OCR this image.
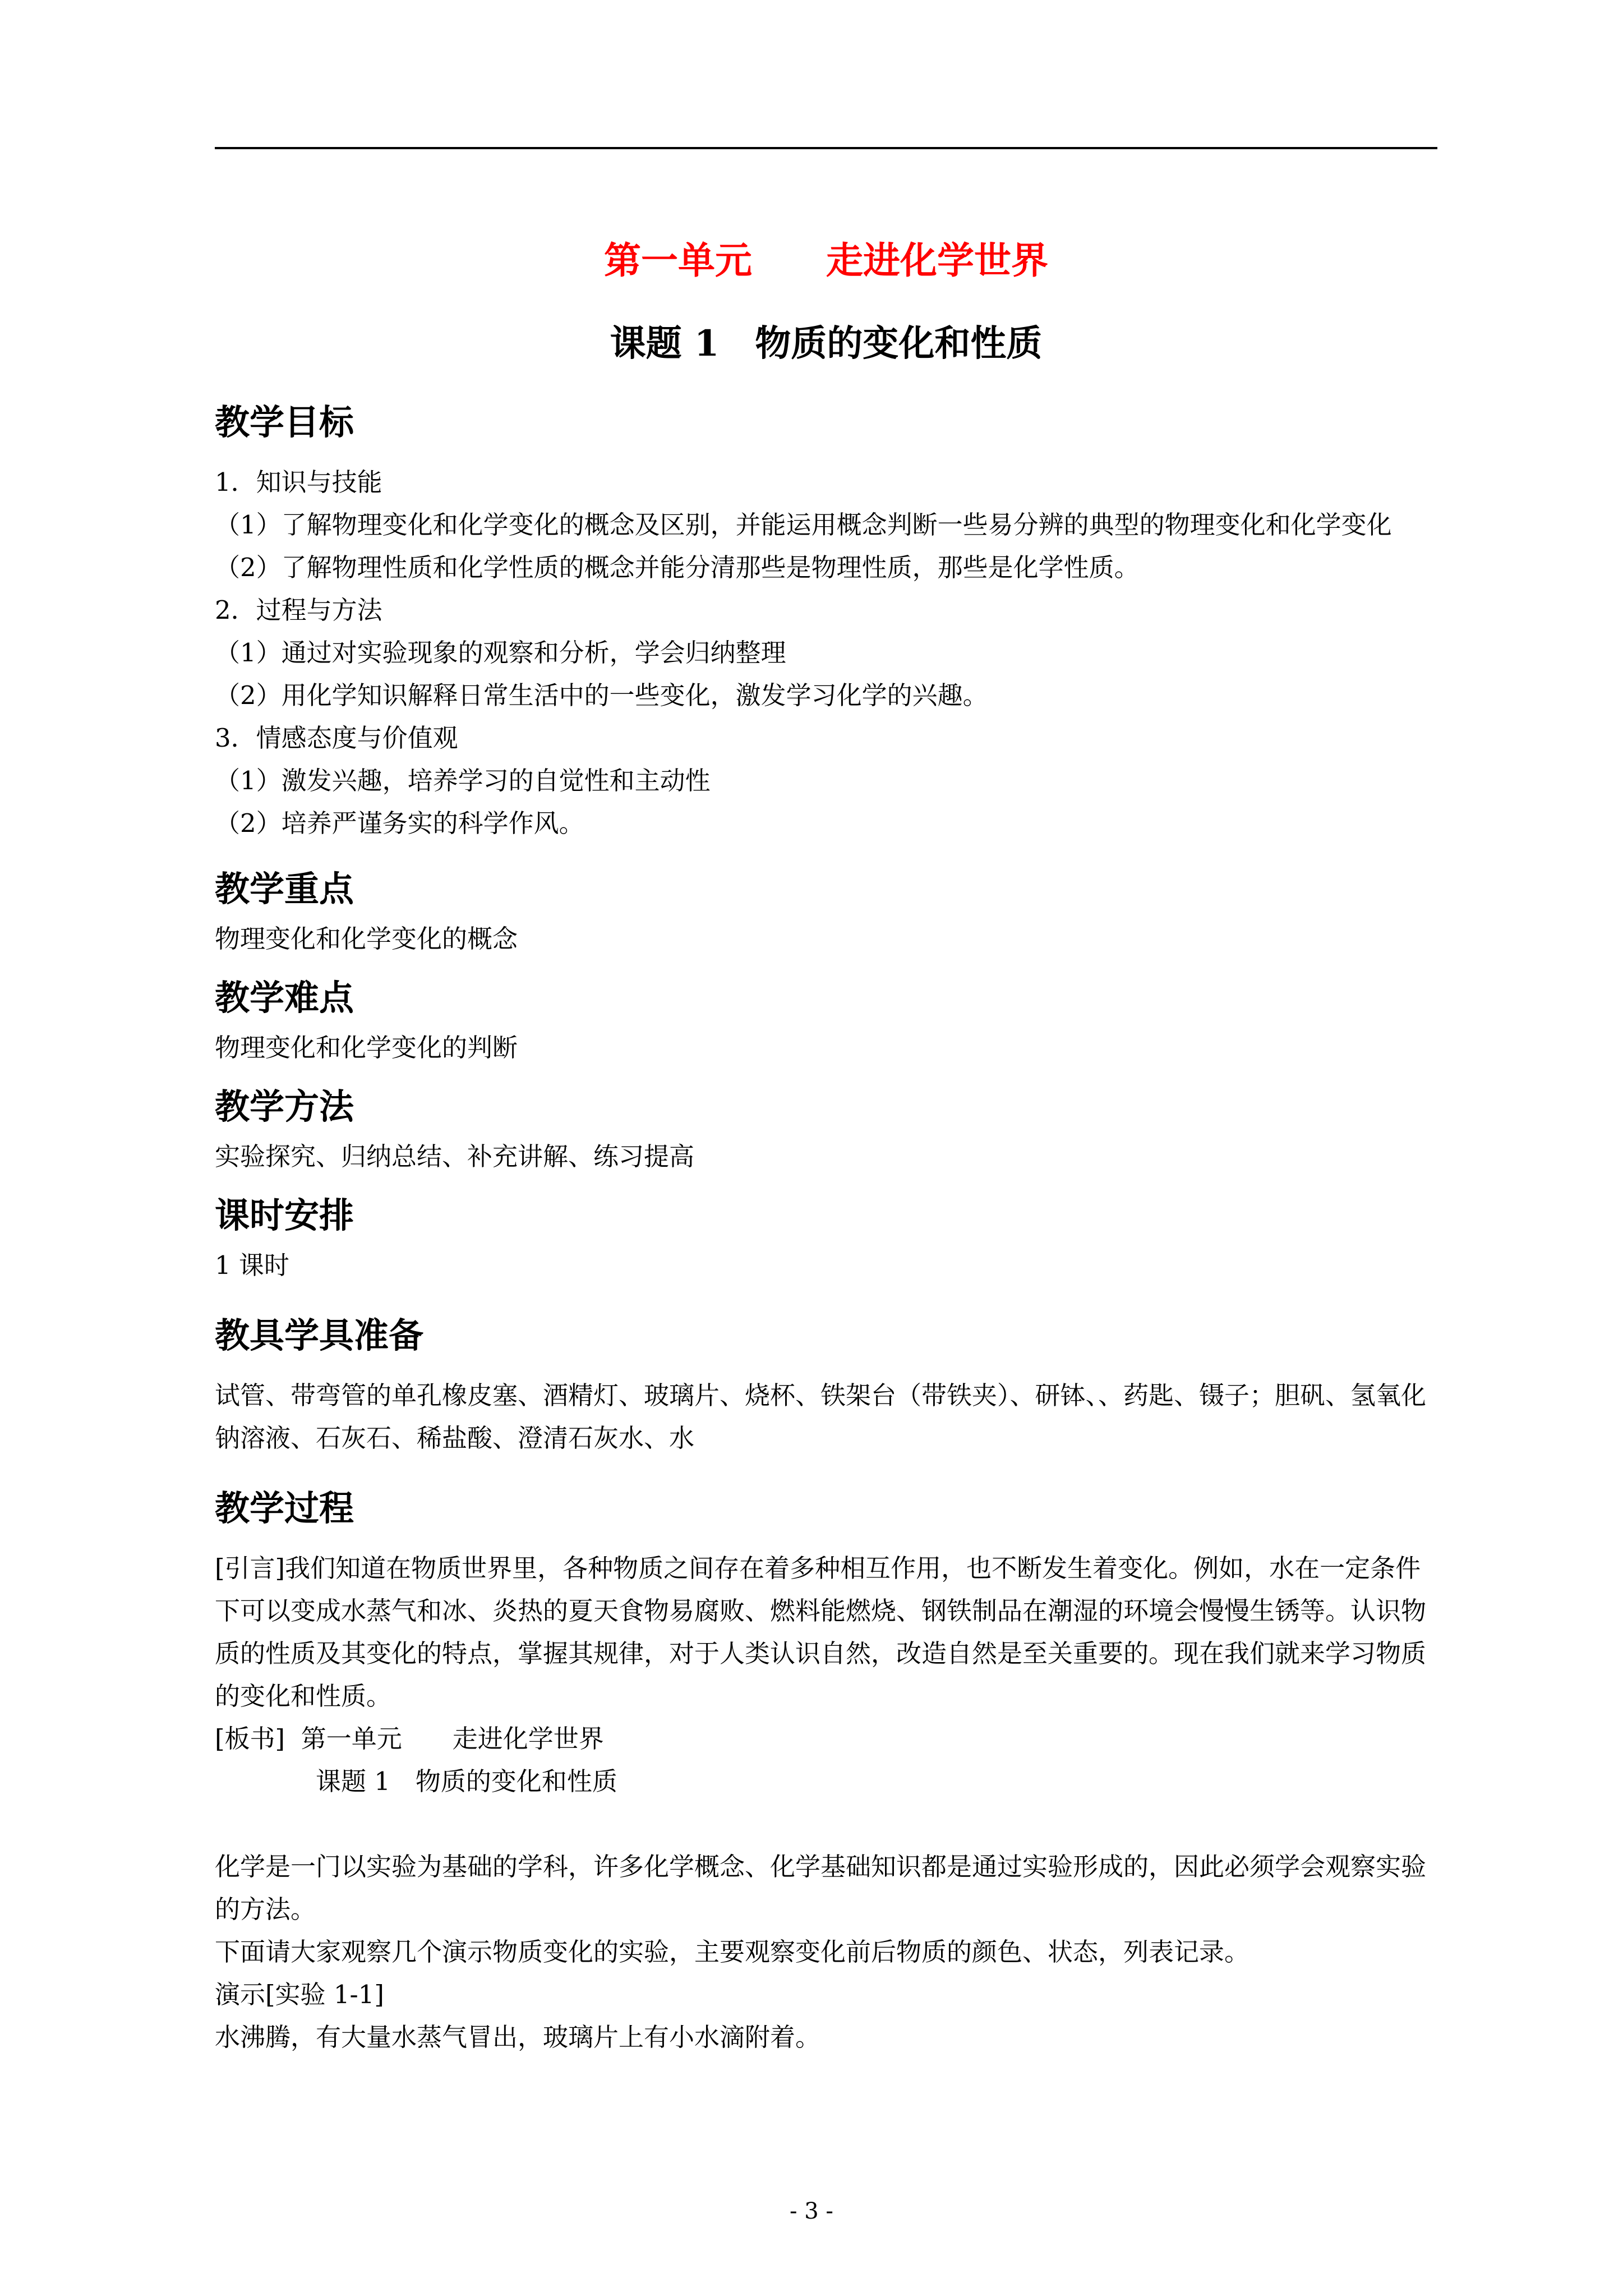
第一单元　　走进化学世界
课题 1　物质的变化和性质
教学目标
1．知识与技能
（1）了解物理变化和化学变化的概念及区别，并能运用概念判断一些易分辨的典型的物理变化和化学变化
（2）了解物理性质和化学性质的概念并能分清那些是物理性质，那些是化学性质。
2．过程与方法
（1）通过对实验现象的观察和分析，学会归纳整理
（2）用化学知识解释日常生活中的一些变化，激发学习化学的兴趣。
3．情感态度与价值观
（1）激发兴趣，培养学习的自觉性和主动性
（2）培养严谨务实的科学作风。
教学重点
物理变化和化学变化的概念
教学难点
物理变化和化学变化的判断
教学方法
实验探究、归纳总结、补充讲解、练习提高
课时安排
1 课时
教具学具准备
试管、带弯管的单孔橡皮塞、酒精灯、玻璃片、烧杯、铁架台（带铁夹）、研钵、、药匙、镊子；胆矾、氢氧化钠溶液、石灰石、稀盐酸、澄清石灰水、水
教学过程
[引言]我们知道在物质世界里，各种物质之间存在着多种相互作用，也不断发生着变化。例如，水在一定条件下可以变成水蒸气和冰、炎热的夏天食物易腐败、燃料能燃烧、钢铁制品在潮湿的环境会慢慢生锈等。认识物质的性质及其变化的特点，掌握其规律，对于人类认识自然，改造自然是至关重要的。现在我们就来学习物质的变化和性质。
[板书]  第一单元　　走进化学世界
课题 1　物质的变化和性质
化学是一门以实验为基础的学科，许多化学概念、化学基础知识都是通过实验形成的，因此必须学会观察实验的方法。
下面请大家观察几个演示物质变化的实验，主要观察变化前后物质的颜色、状态，列表记录。
演示[实验 1-1]
水沸腾，有大量水蒸气冒出，玻璃片上有小水滴附着。
- 3 -
